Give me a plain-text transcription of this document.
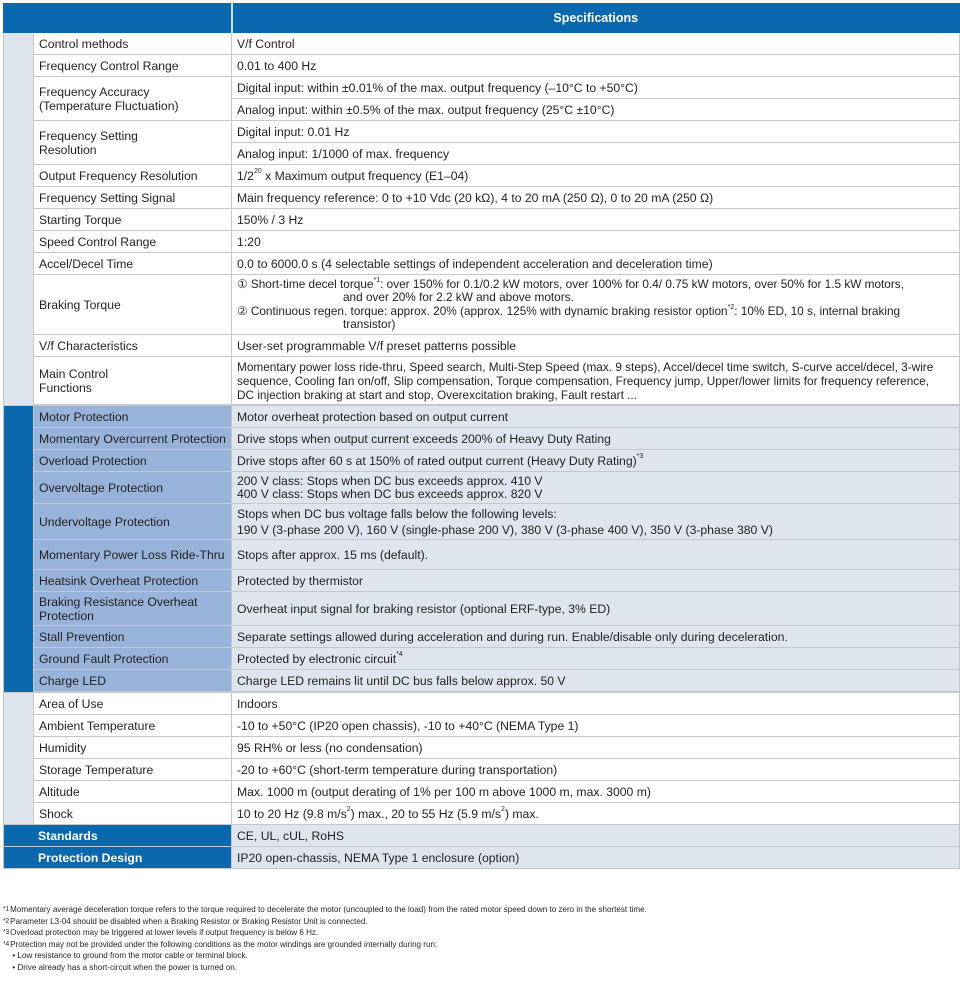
		Specifications
	Control methods	V/f Control
	Frequency Control Range	0.01 to 400 Hz
	Frequency Accuracy (Temperature Fluctuation)	Digital input: within ±0.01% of the max. output frequency (–10°C to +50°C)
		Analog input: within ±0.5% of the max. output frequency (25°C ±10°C)
	Frequency Setting Resolution	Digital input: 0.01 Hz
		Analog input: 1/1000 of max. frequency
	Output Frequency Resolution	$1/2^{20}$ x Maximum output frequency (E1–04)
	Frequency Setting Signal	Main frequency reference: 0 to +10 Vdc (20 kΩ), 4 to 20 mA (250 Ω), 0 to 20 mA (250 Ω)
	Starting Torque	150% / 3 Hz
	Speed Control Range	1:20
	Accel/Decel Time	0.0 to 6000.0 s (4 selectable settings of independent acceleration and deceleration time)
	Braking Torque	① Short-time decel torque$^{*1}$: over 150% for 0.1/0.2 kW motors, over 100% for 0.4/ 0.75 kW motors, over 50% for 1.5 kW motors,
and over 20% for 2.2 kW and above motors.
② Continuous regen. torque: approx. 20% (approx. 125% with dynamic braking resistor option$^{*2}$: 10% ED, 10 s, internal braking
transistor)

	V/f Characteristics	User-set programmable V/f preset patterns possible
	Main Control Functions	Momentary power loss ride-thru, Speed search, Multi-Step Speed (max. 9 steps), Accel/decel time switch, S-curve accel/decel, 3-wire sequence, Cooling fan on/off, Slip compensation, Torque compensation, Frequency jump, Upper/lower limits for frequency reference, DC injection braking at start and stop, Overexcitation braking, Fault restart ...

	Motor Protection	Motor overheat protection based on output current
	Momentary Overcurrent Protection	Drive stops when output current exceeds 200% of Heavy Duty Rating
	Overload Protection	Drive stops after 60 s at 150% of rated output current (Heavy Duty Rating)$^{*3}$
	Overvoltage Protection	200 V class: Stops when DC bus exceeds approx. 410 V
400 V class: Stops when DC bus exceeds approx. 820 V

	Undervoltage Protection	Stops when DC bus voltage falls below the following levels:
190 V (3-phase 200 V), 160 V (single-phase 200 V), 380 V (3-phase 400 V), 350 V (3-phase 380 V)

	Momentary Power Loss Ride-Thru	Stops after approx. 15 ms (default).
	Heatsink Overheat Protection	Protected by thermistor
	Braking Resistance Overheat Protection	Overheat input signal for braking resistor (optional ERF-type, 3% ED)
	Stall Prevention	Separate settings allowed during acceleration and during run. Enable/disable only during deceleration.
	Ground Fault Protection	Protected by electronic circuit$^{*4}$
	Charge LED	Charge LED remains lit until DC bus falls below approx. 50 V

	Area of Use	Indoors
	Ambient Temperature	-10 to +50°C (IP20 open chassis), -10 to +40°C (NEMA Type 1)
	Humidity	95 RH% or less (no condensation)
	Storage Temperature	-20 to +60°C (short-term temperature during transportation)
	Altitude	Max. 1000 m (output derating of 1% per 100 m above 1000 m, max. 3000 m)
	Shock	10 to 20 Hz (9.8 $m/s^2$) max., 20 to 55 Hz (5.9 $m/s^2$) max.
Standards		CE, UL, cUL, RoHS
Protection Design		IP20 open-chassis, NEMA Type 1 enclosure (option)
$^{*1}$Momentary average deceleration torque refers to the torque required to decelerate the motor (uncoupled to the load) from the rated motor speed down to zero in the shortest time.
$^{*2}$Parameter L3-04 should be disabled when a Braking Resistor or Braking Resistor Unit is connected.
$^{*3}$Overload protection may be triggered at lower levels if output frequency is below 6 Hz.
$^{*4}$Protection may not be provided under the following conditions as the motor windings are grounded internally during run:
• Low resistance to ground from the motor cable or terminal block.
• Drive already has a short-circuit when the power is turned on.
